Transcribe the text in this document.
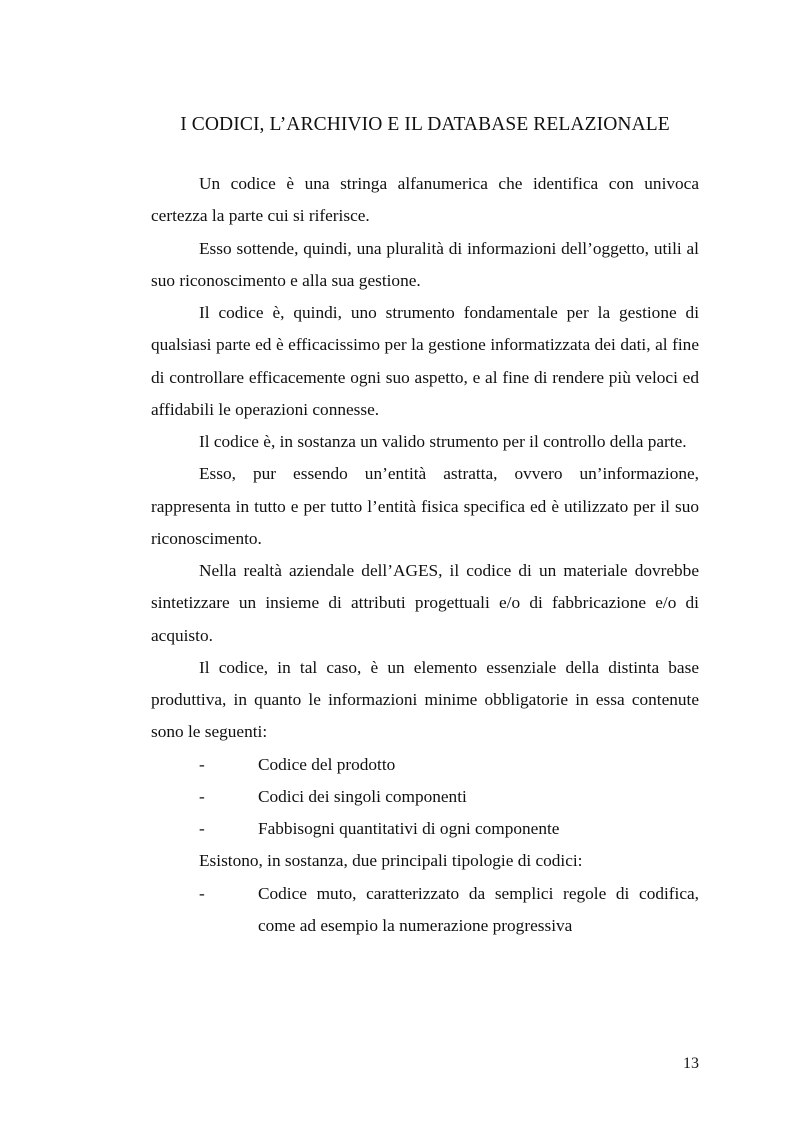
I CODICI, L’ARCHIVIO E IL DATABASE RELAZIONALE

Un codice è una stringa alfanumerica che identifica con univoca certezza la parte cui si riferisce.

Esso sottende, quindi, una pluralità di informazioni dell’oggetto, utili al suo riconoscimento e alla sua gestione.

Il codice è, quindi, uno strumento fondamentale per la gestione di qualsiasi parte ed è efficacissimo per la gestione informatizzata dei dati, al fine di controllare efficacemente ogni suo aspetto, e al fine di rendere più veloci ed affidabili le operazioni connesse.

Il codice è, in sostanza un valido strumento per il controllo della parte.

Esso, pur essendo un’entità astratta, ovvero un’informazione, rappresenta in tutto e per tutto l’entità fisica specifica ed è utilizzato per il suo riconoscimento.

Nella realtà aziendale dell’AGES, il codice di un materiale dovrebbe sintetizzare un insieme di attributi progettuali e/o di fabbricazione e/o di acquisto.

Il codice, in tal caso, è un elemento essenziale della distinta base produttiva, in quanto le informazioni minime obbligatorie in essa contenute sono le seguenti:

-	Codice del prodotto
-	Codici dei singoli componenti
-	Fabbisogni quantitativi di ogni componente

Esistono, in sostanza, due principali tipologie di codici:

-	Codice muto, caratterizzato da semplici regole di codifica, come ad esempio la numerazione progressiva
13
